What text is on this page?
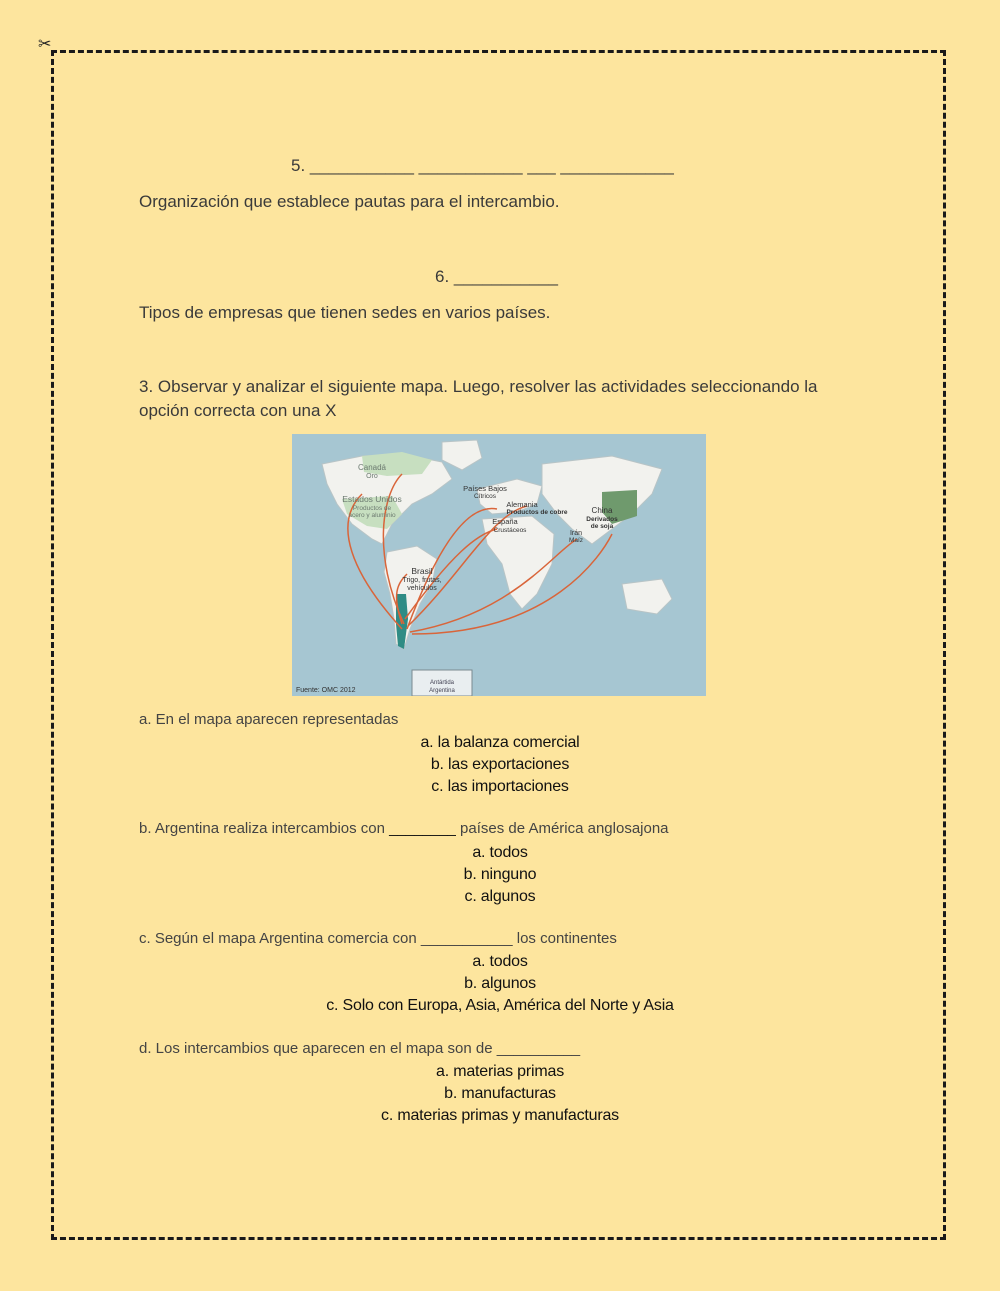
✂
5. ___________ ___________ ___ ____________
Organización que establece pautas para el intercambio.
6. ___________
Tipos de empresas que tienen sedes en varios países.
3. Observar y analizar el siguiente mapa. Luego, resolver las actividades seleccionando la
opción correcta con una X
Canadá
Oro
Estados Unidos
Productos de
acero y aluminio
Países Bajos
Cítricos
Alemania
Productos de cobre
España
Crustáceos
China
Derivados
de soja
Irán
Maíz
Brasil
Trigo, frutas,
vehículos
Antártida
Argentina
Fuente: OMC 2012
a. En el mapa aparecen representadas
a. la balanza comercial
b. las exportaciones
c. las importaciones
b. Argentina realiza intercambios con ________ países de América anglosajona
a. todos
b. ninguno
c. algunos
c. Según el mapa Argentina comercia con ___________ los continentes
a. todos
b. algunos
c. Solo con Europa, Asia, América del Norte y Asia
d. Los intercambios que aparecen en el mapa son de __________
a. materias primas
b. manufacturas
c. materias primas y manufacturas
